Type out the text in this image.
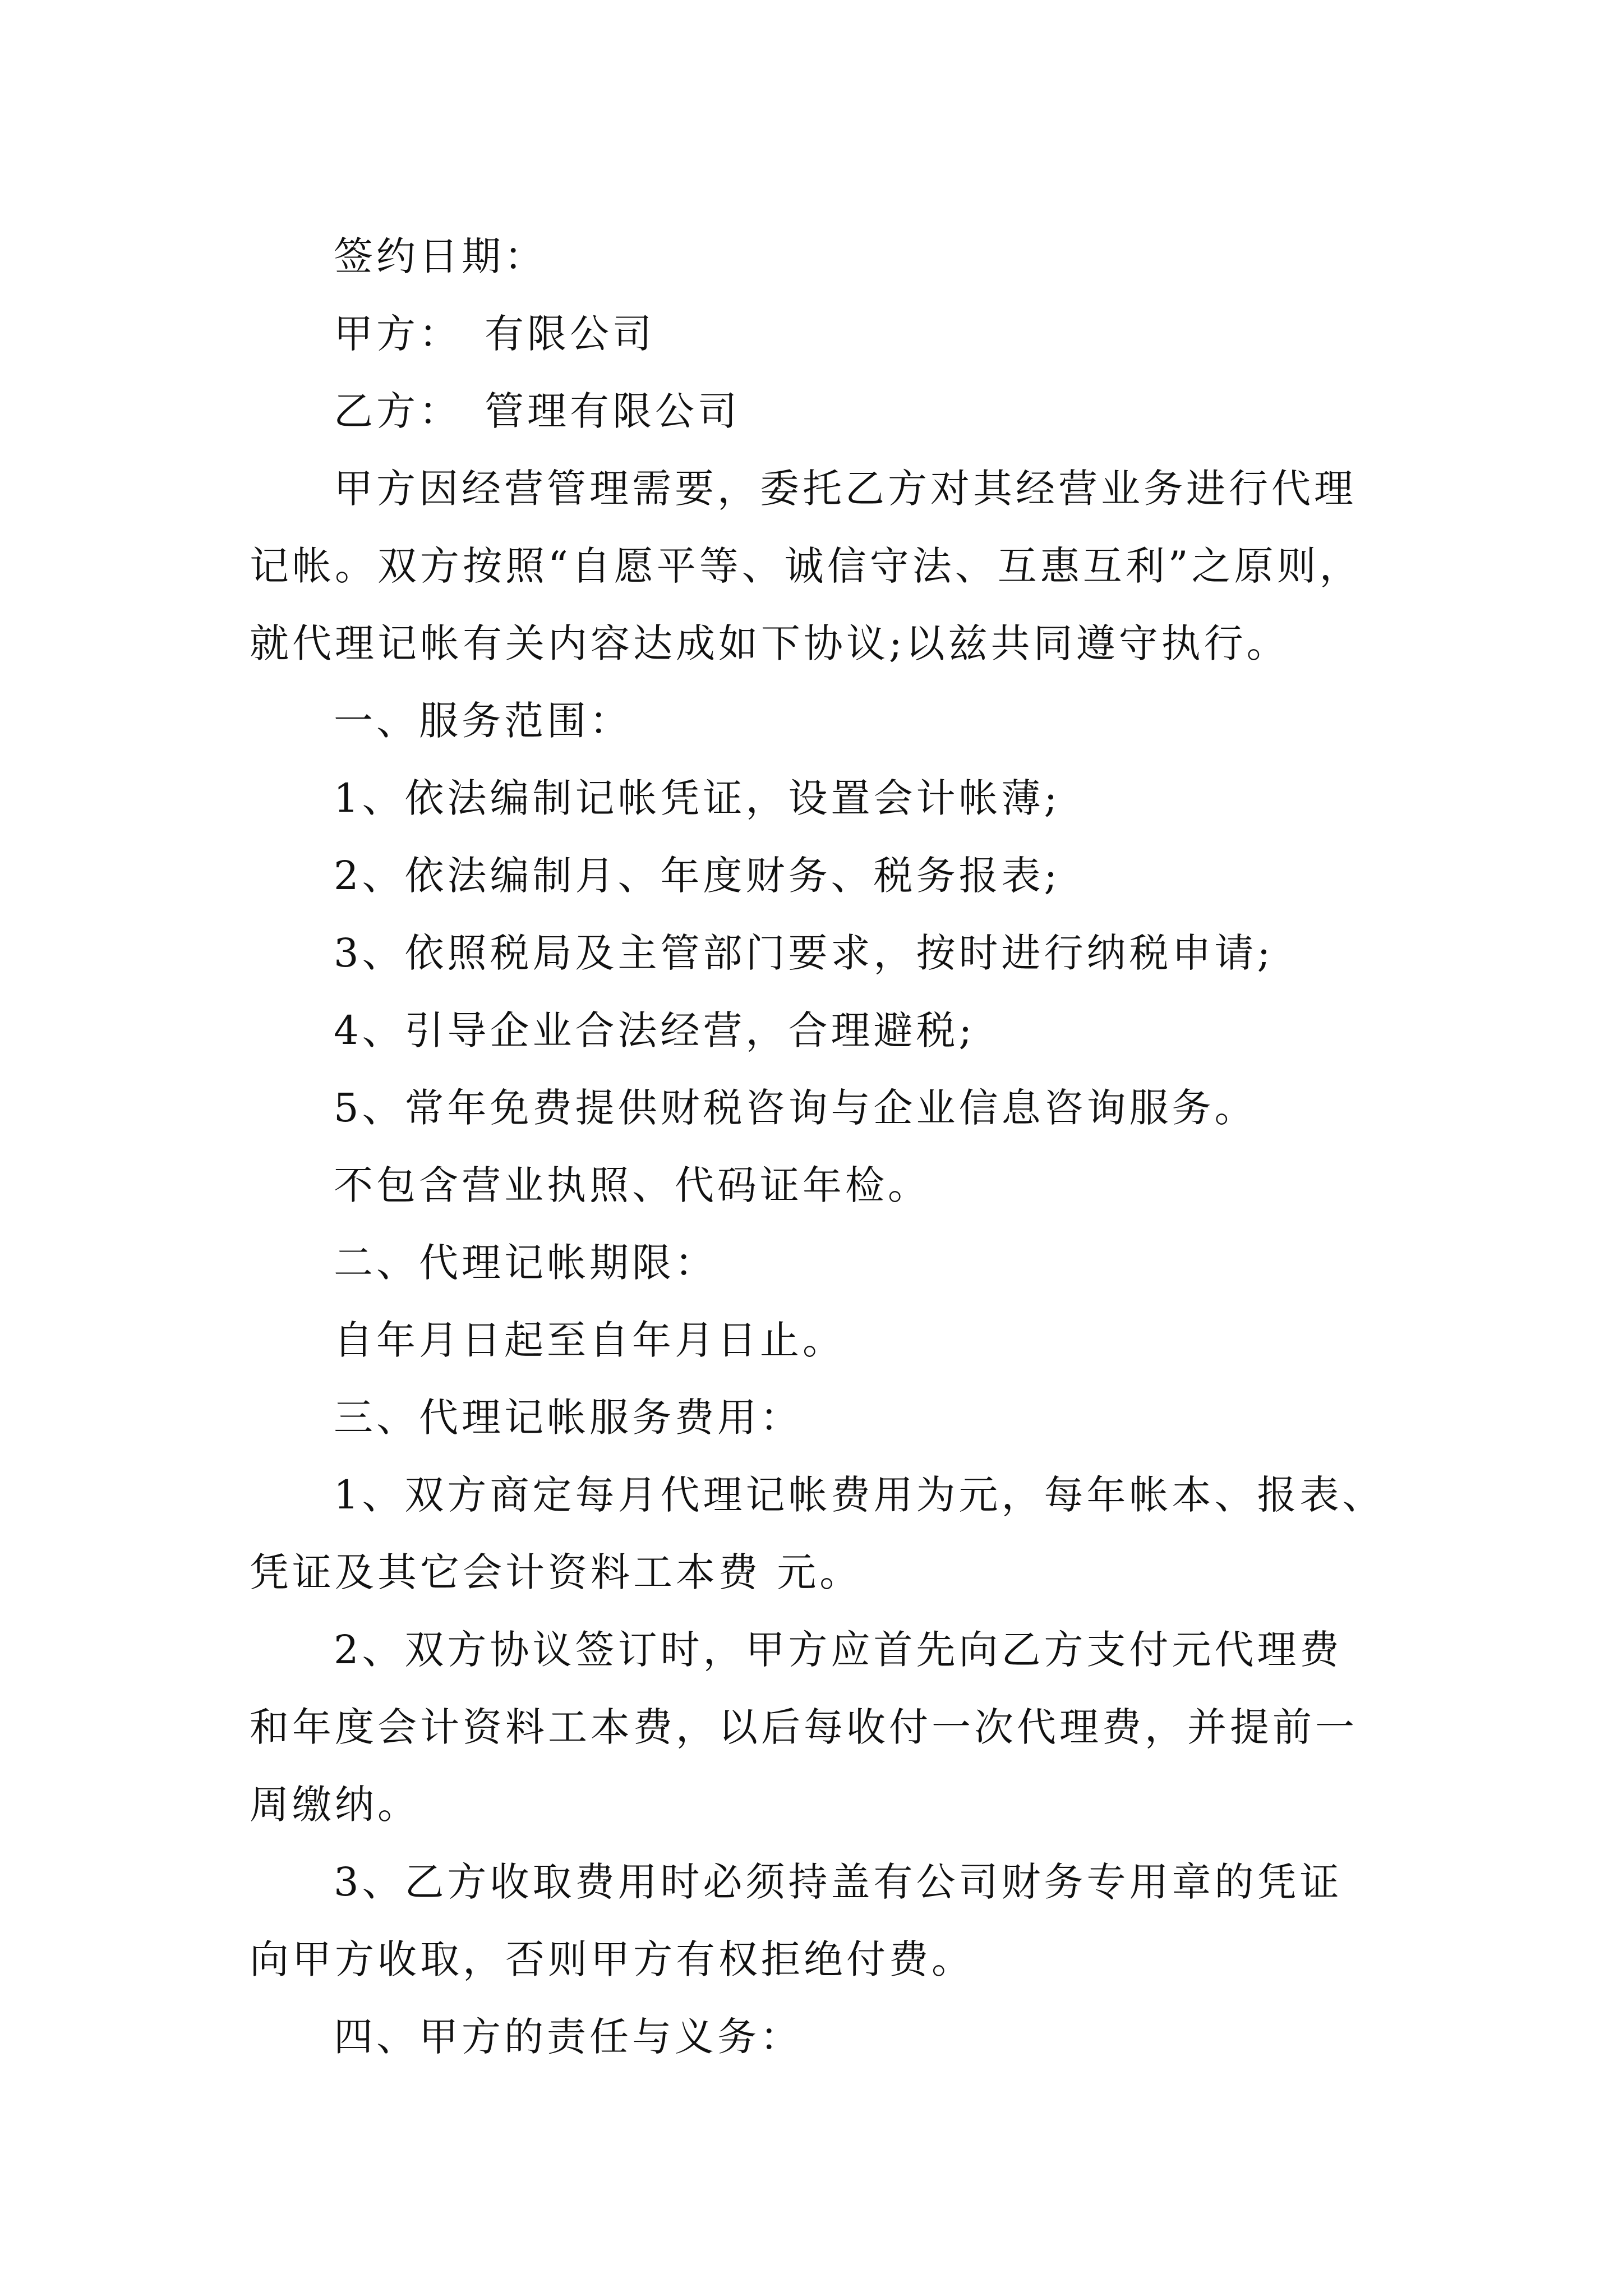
签约日期：

甲方：　有限公司

乙方：　管理有限公司

甲方因经营管理需要，委托乙方对其经营业务进行代理

记帐。双方按照“自愿平等、诚信守法、互惠互利”之原则，

就代理记帐有关内容达成如下协议;以兹共同遵守执行。

一、服务范围：

1、依法编制记帐凭证，设置会计帐薄;

2、依法编制月、年度财务、税务报表;

3、依照税局及主管部门要求，按时进行纳税申请;

4、引导企业合法经营，合理避税;

5、常年免费提供财税咨询与企业信息咨询服务。

不包含营业执照、代码证年检。

二、代理记帐期限：

自年月日起至自年月日止。

三、代理记帐服务费用：

1、双方商定每月代理记帐费用为元，每年帐本、报表、

凭证及其它会计资料工本费 元。

2、双方协议签订时，甲方应首先向乙方支付元代理费

和年度会计资料工本费，以后每收付一次代理费，并提前一

周缴纳。

3、乙方收取费用时必须持盖有公司财务专用章的凭证

向甲方收取，否则甲方有权拒绝付费。

四、甲方的责任与义务：
